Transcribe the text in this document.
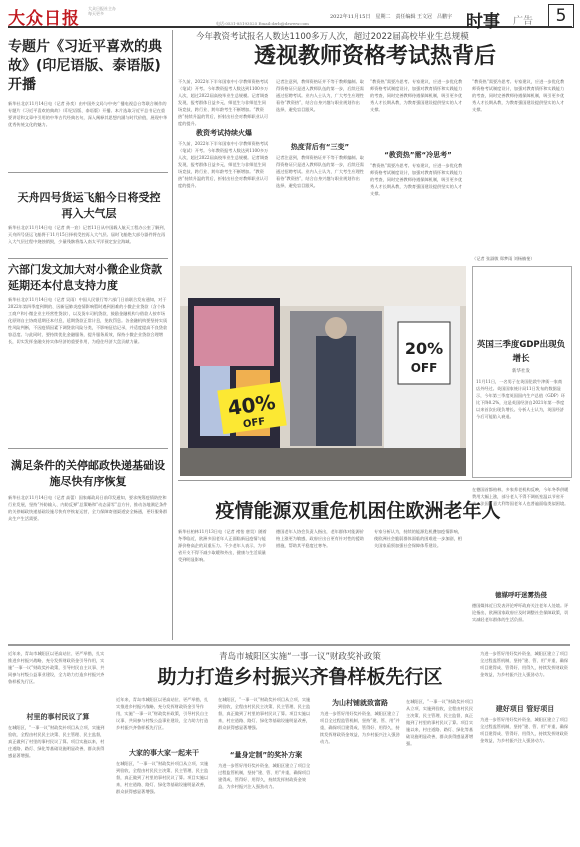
大众日报
大众日报社主办 每天更多
2022年11月15日　星期二　责任编辑 王文冠　吕鹏宇
电话:0531-85193525 Email:dzrb@dzwww.com	时事 广告	5
专题片《习近平喜欢的典故》(印尼语版、泰语版)开播
新华社北京11月14日电（记者 孙奕）由中国外文局与中央广播电视总台等联合制作的专题片《习近平喜欢的典故》（印尼语版、泰语版）开播。本片选取习近平总书记在重要讲话和文章中引用的中华古代经典名句，深入阐释其思想内涵与时代价值，展现中华优秀传统文化的魅力。
天舟四号货运飞船今日将受控再入大气层
新华社北京11月14日电（记者 黄一宸）记者11日从中国载人航天工程办公室了解到，天舟四号货运飞船将于11月15日择机受控再入大气层。届时飞船绝大部分器件将在再入大气层过程中烧蚀销毁，少量残骸将落入南太平洋预定安全海域。
六部门发文加大对小微企业贷款延期还本付息支持力度
新华社北京11月14日电（记者 吴雨）中国人民银行等六部门日前联合发布通知，对于2022年第四季度到期的、因新冠肺炎疫情影响暂时遇到困难的小微企业贷款（含个体工商户和小微企业主经营性贷款），以及货车司机贷款，鼓励金融机构与借款人按市场化原则自主协商延期还本付息，延期贷款正常计息，免收罚息。各金融机构要坚持实质性风险判断，不因疫情因素下调贷款风险分类，不影响征信记录，并适度提高不良贷款容忍度。与此同时，要持续优化金融服务，提升服务质效，保持小微企业贷款合理增长，切实发挥金融支持实体经济的重要作用，为稳住经济大盘贡献力量。
满足条件的关停邮政快递基础设施尽快有序恢复
新华社北京11月14日电（记者 高蕾）国家邮政局日前印发通知，要求统筹疫情防控和行业发展，坚持“外防输入、内防反弹”总策略和“动态清零”总方针，推动各地满足条件的关停邮政快递基础设施尽快有序恢复运营，全力保障寄递渠道安全畅通，更好服务群众生产生活需要。
今年教资考试报名人数达1100多万人次，超过2022届高校毕业生总规模
透视教师资格考试热背后
不久前，2022年下半年国家中小学教师资格考试（笔试）开考。今年教资报考人数达到1100多万人次，超过2022届高校毕业生总规模。记者调查发现，报考群体日益多元，师范生与非师范生同场竞技，跨行业、跨年龄考生不断增加。“教资热”持续升温的背后，折射出社会对教师职业认可度的提升。
教资考试持续火爆
不久前，2022年下半年国家中小学教师资格考试（笔试）开考。今年教资报考人数达到1100多万人次，超过2022届高校毕业生总规模。记者调查发现，报考群体日益多元，师范生与非师范生同场竞技，跨行业、跨年龄考生不断增加。“教资热”持续升温的背后，折射出社会对教师职业认可度的提升。
记者注意到，教师资格证并不等于教师编制。取得资格证只是进入教师队伍的第一步，后续还需通过招聘考试。业内人士认为，广大考生应理性看待“教资热”，结合自身兴趣与职业规划作出选择，避免盲目跟风。
热度背后有“三变”
记者注意到，教师资格证并不等于教师编制。取得资格证只是进入教师队伍的第一步，后续还需通过招聘考试。业内人士认为，广大考生应理性看待“教资热”，结合自身兴趣与职业规划作出选择，避免盲目跟风。
“教资热”需要冷思考。专家建议，应进一步优化教师资格考试制度设计，加强对教育情怀和实践能力的考查，同时完善教师待遇保障机制，吸引更多优秀人才长期从教，为教育强国建设提供坚实的人才支撑。
“教资热”需“冷思考”
“教资热”需要冷思考。专家建议，应进一步优化教师资格考试制度设计，加强对教育情怀和实践能力的考查，同时完善教师待遇保障机制，吸引更多优秀人才长期从教，为教育强国建设提供坚实的人才支撑。
“教资热”需要冷思考。专家建议，应进一步优化教师资格考试制度设计，加强对教育情怀和实践能力的考查，同时完善教师待遇保障机制，吸引更多优秀人才长期从教，为教育强国建设提供坚实的人才支撑。
（记者 张淑敏 郑梦雨 刘杨楠斐）
20%
OFF
40%
OFF
英国三季度GDP出现负增长
新华社发
11月11日，一名男子在英国伦敦牛津街一家商店外经过。英国国家统计局11日发布的数据显示，今年第三季度英国国内生产总值（GDP）环比下降0.2%，这是英国经济自2021年第一季度以来首次出现负增长。分析人士认为，英国经济今后可能陷入衰退。
疫情能源双重危机困住欧洲老年人
新华社柏林11月13日电（记者 褚怡 唐昊）随着冬季临近，欧洲多国老年人正面临新冠疫情与能源价格高企的双重压力。不少老年人表示，为节省开支不得不减少取暖和外出，健康与生活质量受到明显影响。
德国老年人协会负责人指出，老年群体对能源价格上涨更为敏感，政府应出台更有针对性的援助措施，帮助其平稳度过寒冬。
专家分析认为，持续的能源危机叠加疫情影响，使欧洲社会脆弱群体面临的困难进一步加剧，相关国家亟须加强社会保障体系建设。
在德国首都柏林，多家养老机构反映，今年冬季供暖费用大幅上涨，部分老人不得不调低室温以节省开支。法国、意大利等国老年人也普遍面临类似困境。
德媒呼吁迷雾热侵
德国媒体近日发表评论呼吁政府关注老年人处境。评论指出，欧洲国家政府应及时调整社会保障政策，切实减轻老年群体的生活负担。
近年来，青岛市城阳区以更高站位、更严举措，扎实推进乡村振兴战略，充分发挥财政资金引导作用，实施“一事一议”财政奖补政策，引导村民自主议事、共同参与村级公益事业建设，全力助力打造乡村振兴齐鲁样板先行区。
青岛市城阳区实施“一事一议”财政奖补政策
助力打造乡村振兴齐鲁样板先行区
为进一步管好用好奖补资金，城阳区建立了项目全过程监管机制，坚持“建、管、用”并重，确保项目建得成、管得好、用得久，持续发挥财政资金效益，为乡村振兴注入强劲动力。
村里的事村民议了算
在城阳区，“一事一议”财政奖补项目从立项、实施到验收，全程由村民民主决策、民主管理、民主监督，真正做到了村里的事村民议了算。项目实施以来，村庄道路、路灯、绿化等基础设施明显改善，群众获得感显著增强。
近年来，青岛市城阳区以更高站位、更严举措，扎实推进乡村振兴战略，充分发挥财政资金引导作用，实施“一事一议”财政奖补政策，引导村民自主议事、共同参与村级公益事业建设，全力助力打造乡村振兴齐鲁样板先行区。
大家的事大家一起来干
在城阳区，“一事一议”财政奖补项目从立项、实施到验收，全程由村民民主决策、民主管理、民主监督，真正做到了村里的事村民议了算。项目实施以来，村庄道路、路灯、绿化等基础设施明显改善，群众获得感显著增强。
在城阳区，“一事一议”财政奖补项目从立项、实施到验收，全程由村民民主决策、民主管理、民主监督，真正做到了村里的事村民议了算。项目实施以来，村庄道路、路灯、绿化等基础设施明显改善，群众获得感显著增强。
“量身定制”的奖补方案
为进一步管好用好奖补资金，城阳区建立了项目全过程监管机制，坚持“建、管、用”并重，确保项目建得成、管得好、用得久，持续发挥财政资金效益，为乡村振兴注入强劲动力。
为山村铺就致富路
为进一步管好用好奖补资金，城阳区建立了项目全过程监管机制，坚持“建、管、用”并重，确保项目建得成、管得好、用得久，持续发挥财政资金效益，为乡村振兴注入强劲动力。
在城阳区，“一事一议”财政奖补项目从立项、实施到验收，全程由村民民主决策、民主管理、民主监督，真正做到了村里的事村民议了算。项目实施以来，村庄道路、路灯、绿化等基础设施明显改善，群众获得感显著增强。
建好项目 管好项目
为进一步管好用好奖补资金，城阳区建立了项目全过程监管机制，坚持“建、管、用”并重，确保项目建得成、管得好、用得久，持续发挥财政资金效益，为乡村振兴注入强劲动力。
